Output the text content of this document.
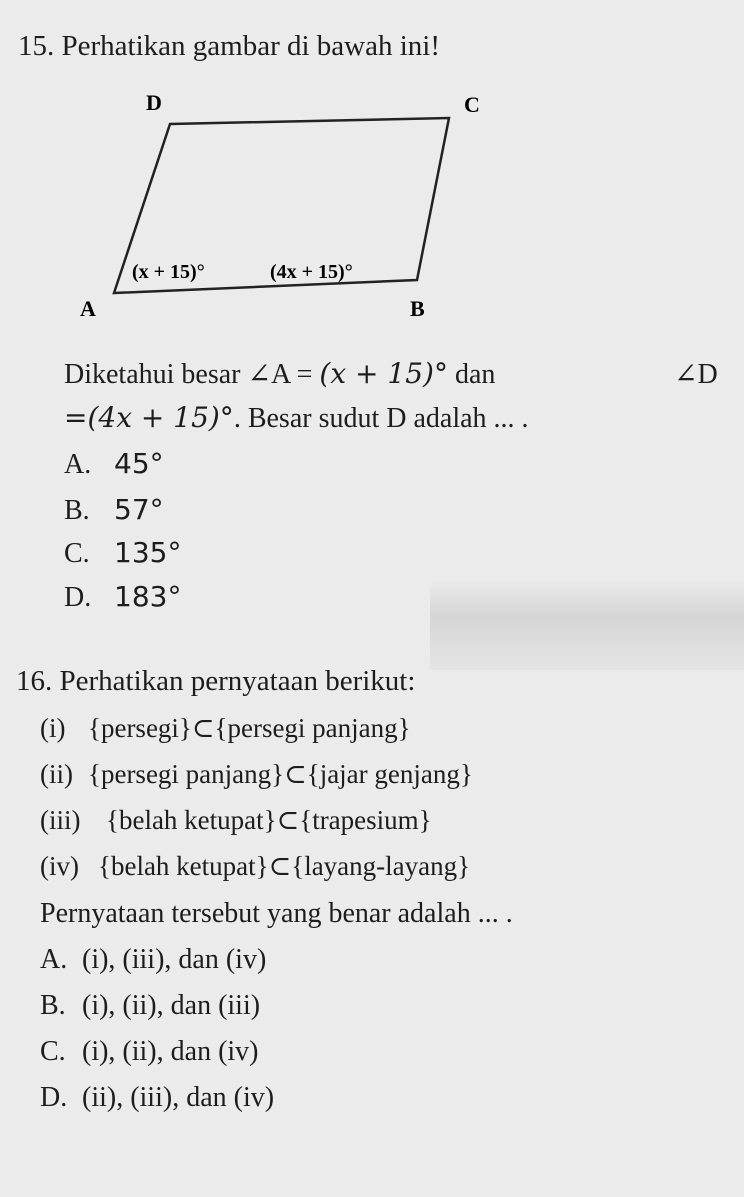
15. Perhatikan gambar di bawah ini!
D	C
A	B
(x + 15)°	(4x + 15)°
Diketahui besar ∠A = (x + 15)° dan	∠D
=(4x + 15)°. Besar sudut D adalah ... .
A. 45°
B. 57°
C. 135°
D. 183°
16. Perhatikan pernyataan berikut:
(i) {persegi}⊂{persegi panjang}
(ii) {persegi panjang}⊂{jajar genjang}
(iii) {belah ketupat}⊂{trapesium}
(iv) {belah ketupat}⊂{layang-layang}
Pernyataan tersebut yang benar adalah ... .
A. (i), (iii), dan (iv)
B. (i), (ii), dan (iii)
C. (i), (ii), dan (iv)
D. (ii), (iii), dan (iv)
